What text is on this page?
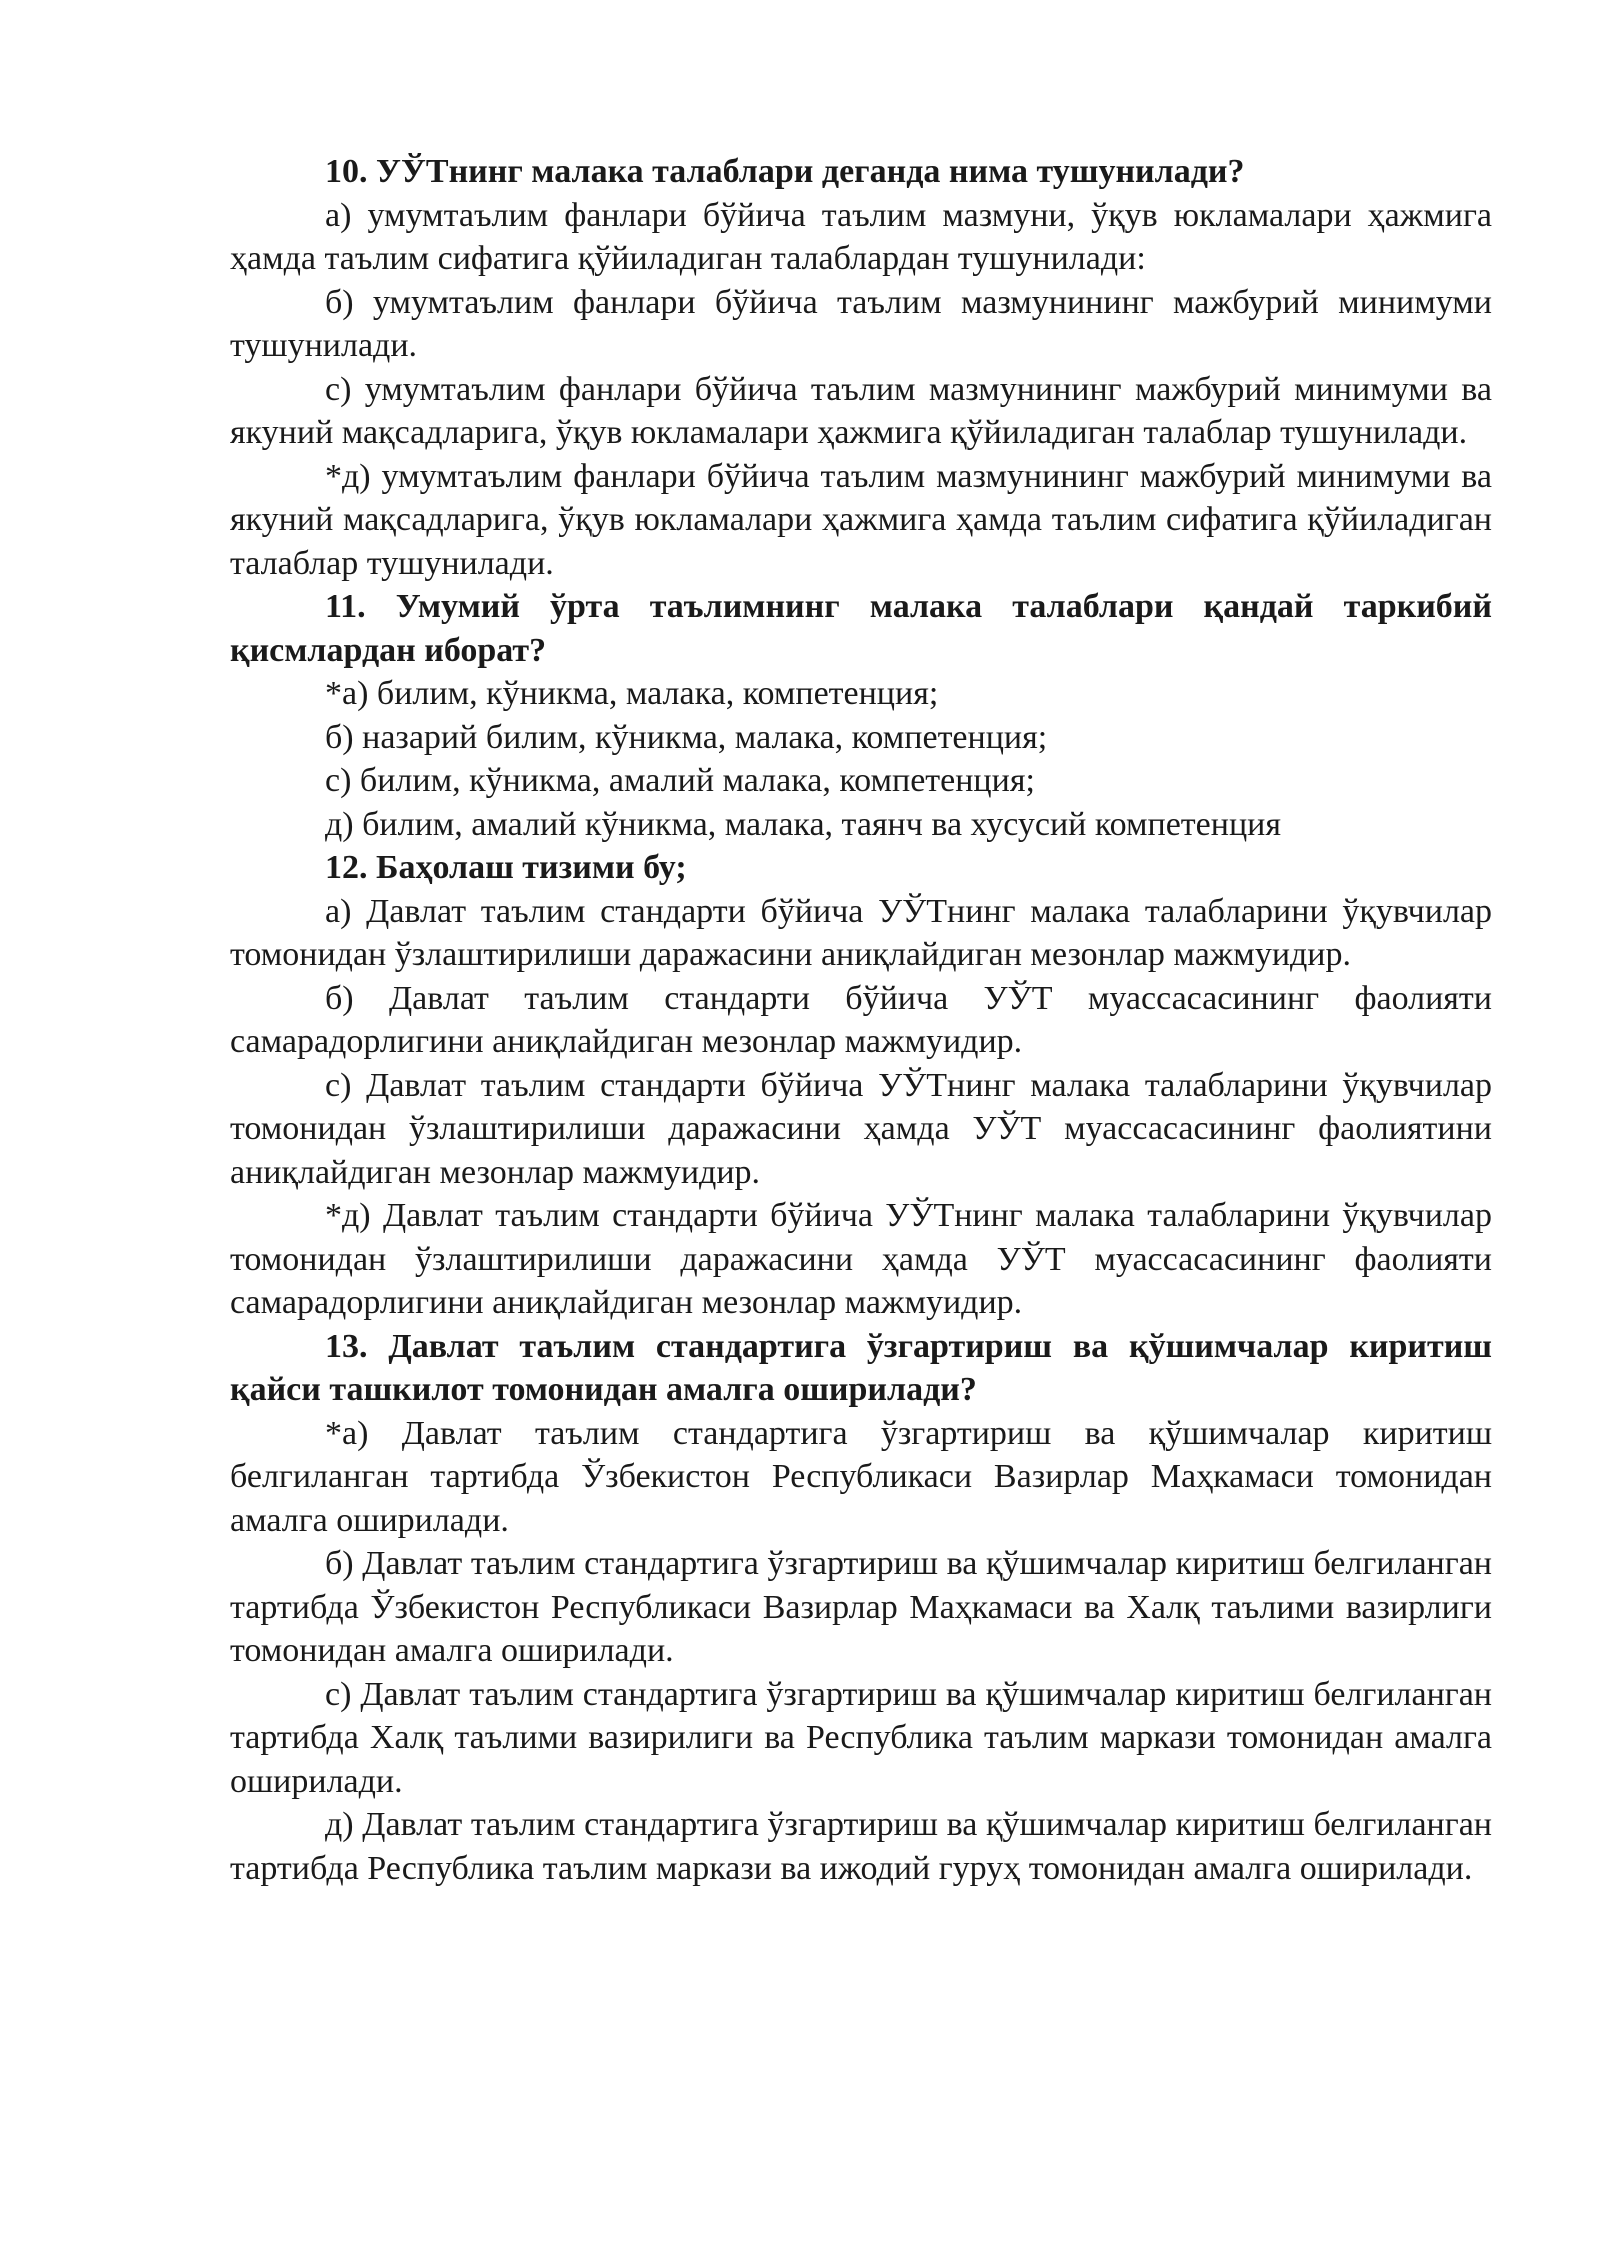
10. УЎТнинг малака талаблари деганда нима тушунилади?

а) умумтаълим фанлари бўйича таълим мазмуни, ўқув юкламалари ҳажмига ҳамда таълим сифатига қўйиладиган талаблардан тушунилади:

б) умумтаълим фанлари бўйича таълим мазмунининг мажбурий минимуми тушунилади.

c) умумтаълим фанлари бўйича таълим мазмунининг мажбурий минимуми ва якуний мақсадларига, ўқув юкламалари ҳажмига қўйиладиган талаблар тушунилади.

*д) умумтаълим фанлари бўйича таълим мазмунининг мажбурий минимуми ва якуний мақсадларига, ўқув юкламалари ҳажмига ҳамда таълим сифатига қўйиладиган талаблар тушунилади.

11. Умумий ўрта таълимнинг малака талаблари қандай таркибий қисмлардан иборат?

*а) билим, кўникма, малака, компетенция;

б) назарий билим, кўникма, малака, компетенция;

c) билим, кўникма, амалий малака, компетенция;

д) билим, амалий кўникма, малака, таянч ва хусусий компетенция

12. Баҳолаш тизими бу;

а) Давлат таълим стандарти бўйича УЎТнинг малака талабларини ўқувчилар томонидан ўзлаштирилиши даражасини аниқлайдиган мезонлар мажмуидир.

б) Давлат таълим стандарти бўйича УЎТ муассасасининг фаолияти самарадорлигини аниқлайдиган мезонлар мажмуидир.

c) Давлат таълим стандарти бўйича УЎТнинг малака талабларини ўқувчилар томонидан ўзлаштирилиши даражасини ҳамда УЎТ муассасасининг фаолиятини аниқлайдиган мезонлар мажмуидир.

*д) Давлат таълим стандарти бўйича УЎТнинг малака талабларини ўқувчилар томонидан ўзлаштирилиши даражасини ҳамда УЎТ муассасасининг фаолияти самарадорлигини аниқлайдиган мезонлар мажмуидир.

13. Давлат таълим стандартига ўзгартириш ва қўшимчалар киритиш қайси ташкилот томонидан амалга оширилади?

*а) Давлат таълим стандартига ўзгартириш ва қўшимчалар киритиш белгиланган тартибда Ўзбекистон Республикаси Вазирлар Маҳкамаси томонидан амалга оширилади.

б) Давлат таълим стандартига ўзгартириш ва қўшимчалар киритиш белгиланган тартибда Ўзбекистон Республикаси Вазирлар Маҳкамаси ва Халқ таълими вазирлиги томонидан амалга оширилади.

c) Давлат таълим стандартига ўзгартириш ва қўшимчалар киритиш белгиланган тартибда Халқ таълими вазирилиги ва Республика таълим маркази томонидан амалга оширилади.

д) Давлат таълим стандартига ўзгартириш ва қўшимчалар киритиш белгиланган тартибда Республика таълим маркази ва ижодий гуруҳ томонидан амалга оширилади.
